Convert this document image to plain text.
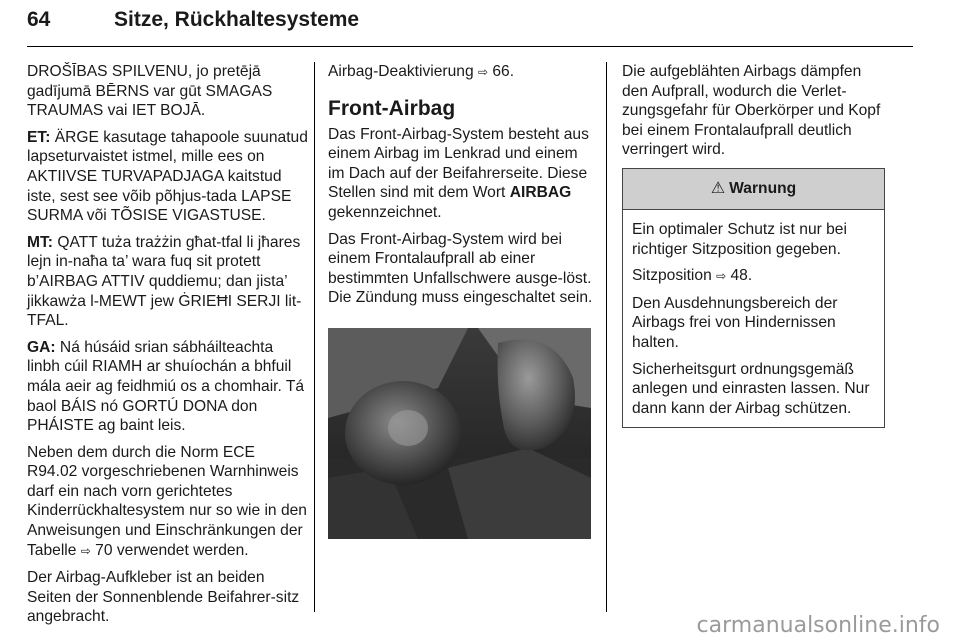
64	Sitze, Rückhaltesysteme

DROŠĪBAS SPILVENU, jo pretējā gadījumā BĒRNS var gūt SMAGAS TRAUMAS vai IET BOJĀ.

ET: ÄRGE kasutage tahapoole suunatud lapseturvaistet istmel, mille ees on AKTIIVSE TURVAPADJAGA kaitstud iste, sest see võib põhjus-tada LAPSE SURMA või TÕSISE VIGASTUSE.

MT: QATT tuża trażżin għat-tfal li jħares lejn in-naħa ta’ wara fuq sit protett b’AIRBAG ATTIV quddiemu; dan jista’ jikkawża l-MEWT jew ĠRIEĦI SERJI lit-TFAL.

GA: Ná húsáid srian sábháilteachta linbh cúil RIAMH ar shuíochán a bhfuil mála aeir ag feidhmiú os a chomhair. Tá baol BÁIS nó GORTÚ DONA don PHÁISTE ag baint leis.

Neben dem durch die Norm ECE R94.02 vorgeschriebenen Warnhinweis darf ein nach vorn gerichtetes Kinderrückhaltesystem nur so wie in den Anweisungen und Einschränkungen der Tabelle ⇨ 70 verwendet werden.

Der Airbag-Aufkleber ist an beiden Seiten der Sonnenblende Beifahrer-sitz angebracht.

Airbag-Deaktivierung ⇨ 66.

Front-Airbag

Das Front-Airbag-System besteht aus einem Airbag im Lenkrad und einem im Dach auf der Beifahrerseite. Diese Stellen sind mit dem Wort AIRBAG gekennzeichnet.

Das Front-Airbag-System wird bei einem Frontalaufprall ab einer bestimmten Unfallschwere ausge-löst. Die Zündung muss eingeschaltet sein.

Die aufgeblähten Airbags dämpfen den Aufprall, wodurch die Verlet-zungsgefahr für Oberkörper und Kopf bei einem Frontalaufprall deutlich verringert wird.

⚠ Warnung

Ein optimaler Schutz ist nur bei richtiger Sitzposition gegeben.

Sitzposition ⇨ 48.

Den Ausdehnungsbereich der Airbags frei von Hindernissen halten.

Sicherheitsgurt ordnungsgemäß anlegen und einrasten lassen. Nur dann kann der Airbag schützen.

carmanualsonline.info
